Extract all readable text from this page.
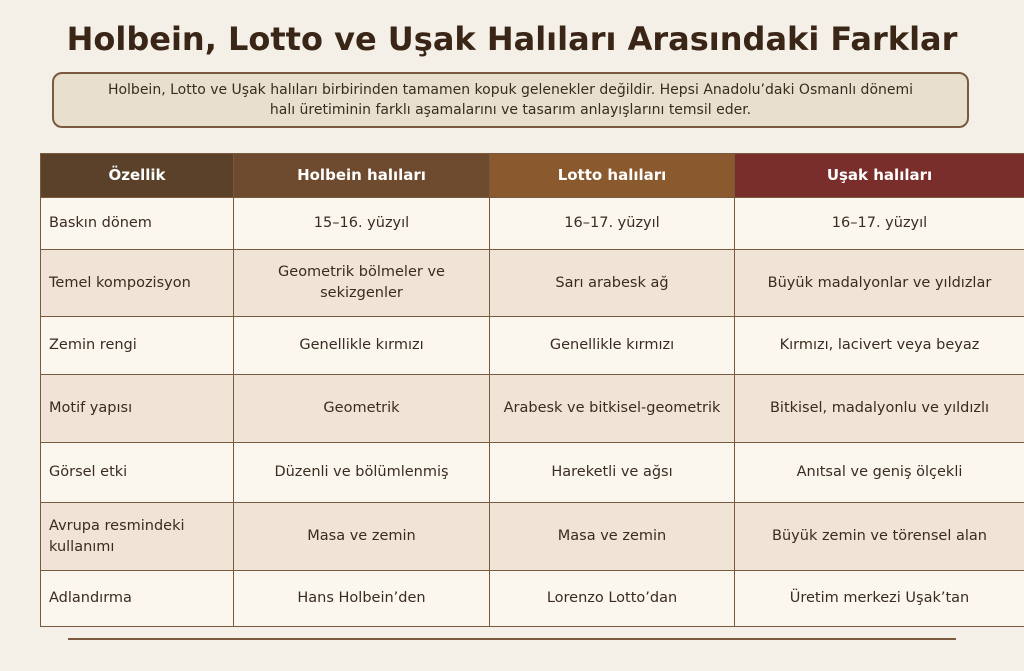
Holbein, Lotto ve Uşak Halıları Arasındaki Farklar
Holbein, Lotto ve Uşak halıları birbirinden tamamen kopuk gelenekler değildir. Hepsi Anadolu’daki Osmanlı dönemi halı üretiminin farklı aşamalarını ve tasarım anlayışlarını temsil eder.
Özellik	Holbein halıları	Lotto halıları	Uşak halıları
Baskın dönem	15–16. yüzyıl	16–17. yüzyıl	16–17. yüzyıl
Temel kompozisyon	Geometrik bölmeler ve sekizgenler	Sarı arabesk ağ	Büyük madalyonlar ve yıldızlar
Zemin rengi	Genellikle kırmızı	Genellikle kırmızı	Kırmızı, lacivert veya beyaz
Motif yapısı	Geometrik	Arabesk ve bitkisel-geometrik	Bitkisel, madalyonlu ve yıldızlı
Görsel etki	Düzenli ve bölümlenmiş	Hareketli ve ağsı	Anıtsal ve geniş ölçekli
Avrupa resmindeki kullanımı	Masa ve zemin	Masa ve zemin	Büyük zemin ve törensel alan
Adlandırma	Hans Holbein’den	Lorenzo Lotto’dan	Üretim merkezi Uşak’tan
